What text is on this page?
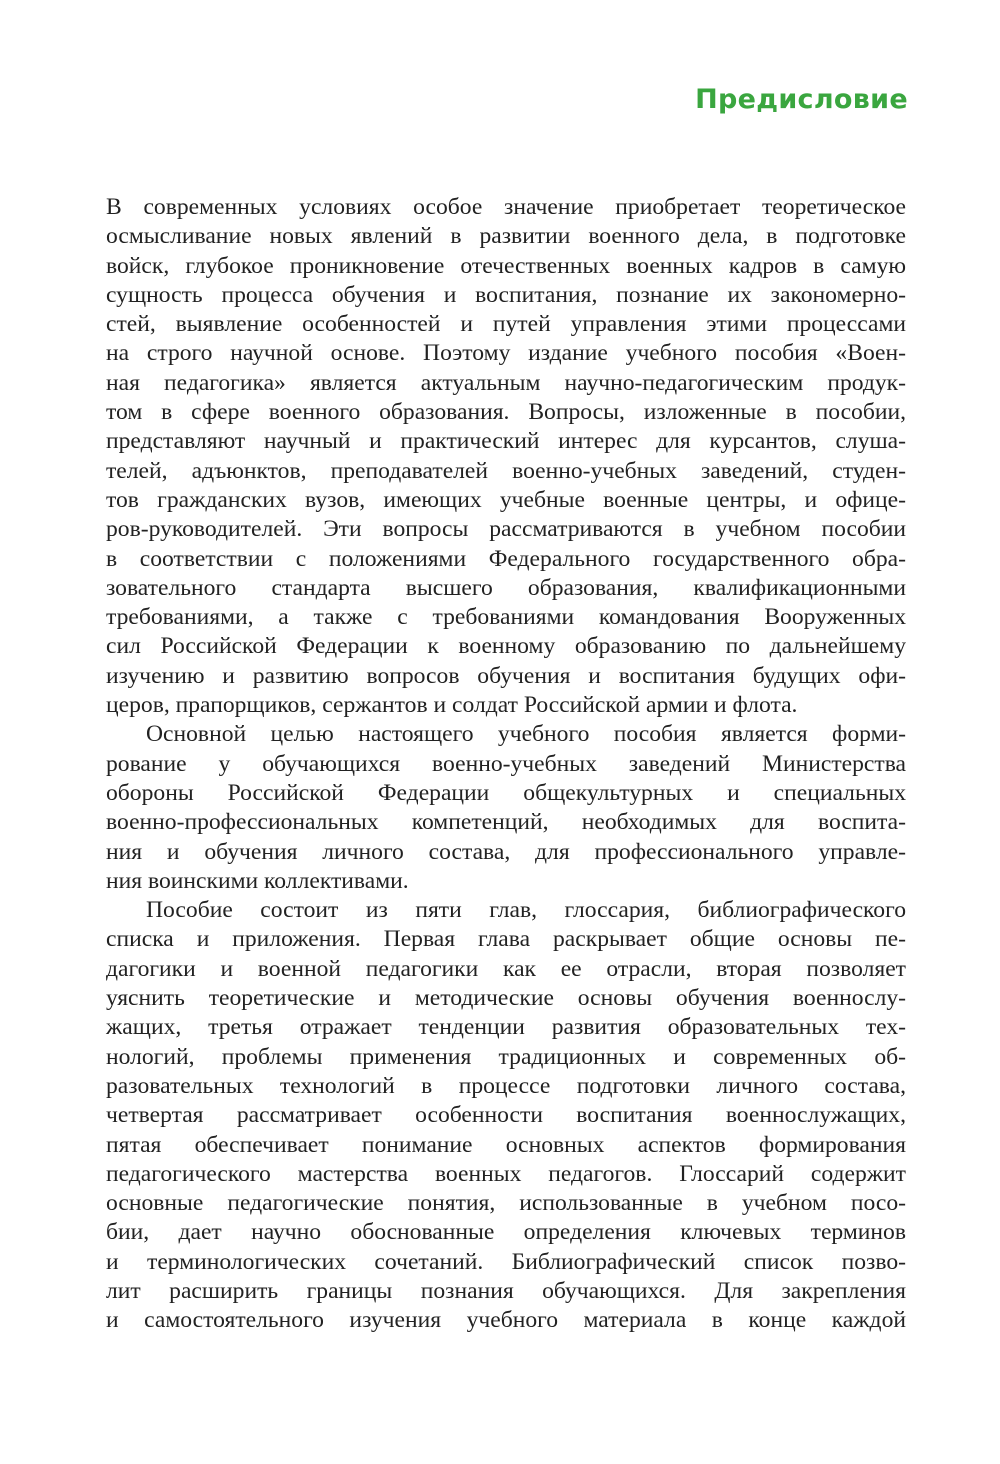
Предисловие
В современных условиях особое значение приобретает теоретическое
осмысливание новых явлений в развитии военного дела, в подготовке
войск, глубокое проникновение отечественных военных кадров в самую
сущность процесса обучения и воспитания, познание их закономерно-
стей, выявление особенностей и путей управления этими процессами
на строго научной основе. Поэтому издание учебного пособия «Воен-
ная педагогика» является актуальным научно-педагогическим продук-
том в сфере военного образования. Вопросы, изложенные в пособии,
представляют научный и практический интерес для курсантов, слуша-
телей, адъюнктов, преподавателей военно-учебных заведений, студен-
тов гражданских вузов, имеющих учебные военные центры, и офице-
ров-руководителей. Эти вопросы рассматриваются в учебном пособии
в соответствии с положениями Федерального государственного обра-
зовательного стандарта высшего образования, квалификационными
требованиями, а также с требованиями командования Вооруженных
сил Российской Федерации к военному образованию по дальнейшему
изучению и развитию вопросов обучения и воспитания будущих офи-
церов, прапорщиков, сержантов и солдат Российской армии и флота.
Основной целью настоящего учебного пособия является форми-
рование у обучающихся военно-учебных заведений Министерства
обороны Российской Федерации общекультурных и специальных
военно-профессиональных компетенций, необходимых для воспита-
ния и обучения личного состава, для профессионального управле-
ния воинскими коллективами.
Пособие состоит из пяти глав, глоссария, библиографического
списка и приложения. Первая глава раскрывает общие основы пе-
дагогики и военной педагогики как ее отрасли, вторая позволяет
уяснить теоретические и методические основы обучения военнослу-
жащих, третья отражает тенденции развития образовательных тех-
нологий, проблемы применения традиционных и современных об-
разовательных технологий в процессе подготовки личного состава,
четвертая рассматривает особенности воспитания военнослужащих,
пятая обеспечивает понимание основных аспектов формирования
педагогического мастерства военных педагогов. Глоссарий содержит
основные педагогические понятия, использованные в учебном посо-
бии, дает научно обоснованные определения ключевых терминов
и терминологических сочетаний. Библиографический список позво-
лит расширить границы познания обучающихся. Для закрепления
и самостоятельного изучения учебного материала в конце каждой
